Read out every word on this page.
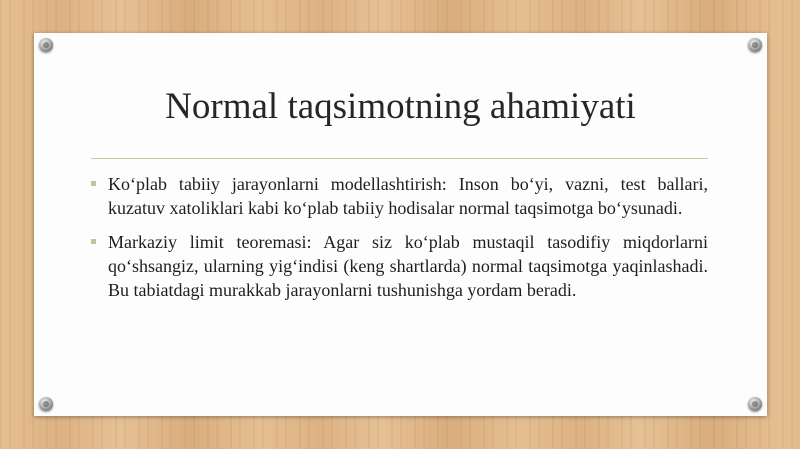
Normal taqsimotning ahamiyati
Ko‘plab tabiiy jarayonlarni modellashtirish: Inson bo‘yi, vazni, test ballari, kuzatuv xatoliklari kabi ko‘plab tabiiy hodisalar normal taqsimotga bo‘ysunadi.
Markaziy limit teoremasi: Agar siz ko‘plab mustaqil tasodifiy miqdorlarni qo‘shsangiz, ularning yig‘indisi (keng shartlarda) normal taqsimotga yaqinlashadi. Bu tabiatdagi murakkab jarayonlarni tushunishga yordam beradi.
